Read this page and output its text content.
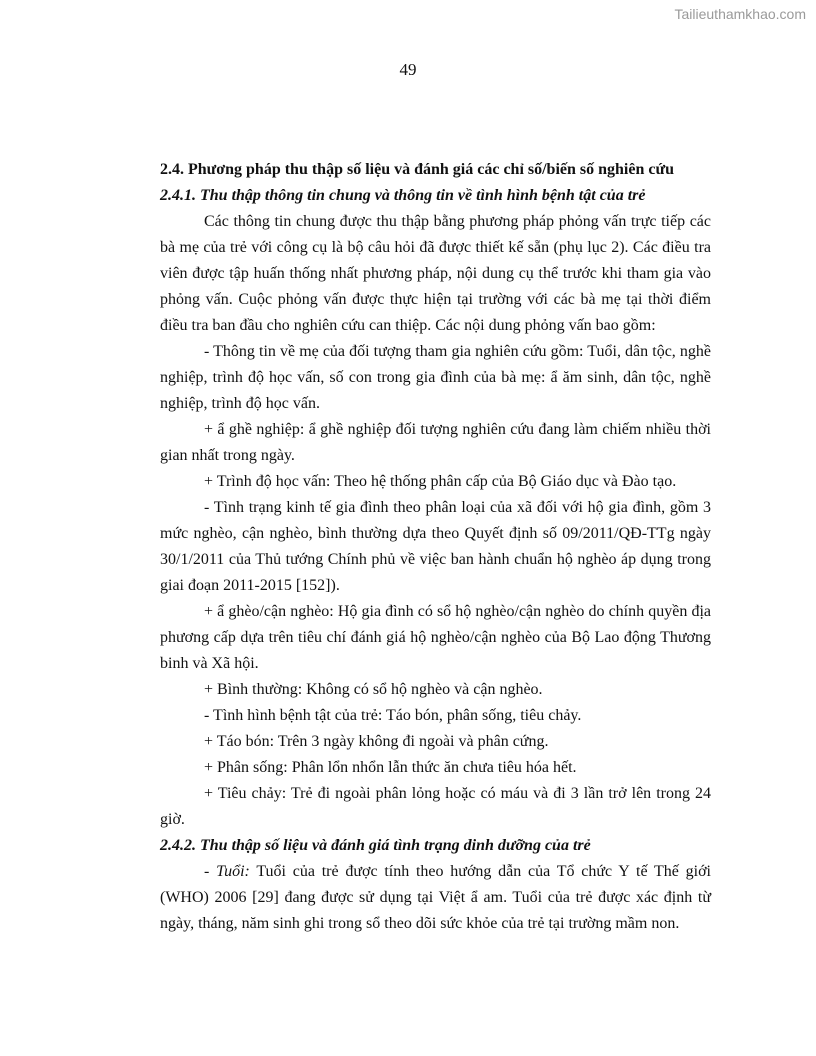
Tailieuthamkhao.com
49

2.4. Phương pháp thu thập số liệu và đánh giá các chỉ số/biến số nghiên cứu

2.4.1. Thu thập thông tin chung và thông tin về tình hình bệnh tật của trẻ

Các thông tin chung được thu thập bằng phương pháp phỏng vấn trực tiếp các bà mẹ của trẻ với công cụ là bộ câu hỏi đã được thiết kế sẵn (phụ lục 2). Các điều tra viên được tập huấn thống nhất phương pháp, nội dung cụ thể trước khi tham gia vào phỏng vấn. Cuộc phỏng vấn được thực hiện tại trường với các bà mẹ tại thời điểm điều tra ban đầu cho nghiên cứu can thiệp. Các nội dung phỏng vấn bao gồm:

- Thông tin về mẹ của đối tượng tham gia nghiên cứu gồm: Tuổi, dân tộc, nghề nghiệp, trình độ học vấn, số con trong gia đình của bà mẹ: ẩ ăm sinh, dân tộc, nghề nghiệp, trình độ học vấn.

+ ẩ ghề nghiệp: ẩ ghề nghiệp đối tượng nghiên cứu đang làm chiếm nhiều thời gian nhất trong ngày.

+ Trình độ học vấn: Theo hệ thống phân cấp của Bộ Giáo dục và Đào tạo.

- Tình trạng kinh tế gia đình theo phân loại của xã đối với hộ gia đình, gồm 3 mức nghèo, cận nghèo, bình thường dựa theo Quyết định số 09/2011/QĐ-TTg ngày 30/1/2011 của Thủ tướng Chính phủ về việc ban hành chuẩn hộ nghèo áp dụng trong giai đoạn 2011-2015 [152]).

+ ẩ ghèo/cận nghèo: Hộ gia đình có sổ hộ nghèo/cận nghèo do chính quyền địa phương cấp dựa trên tiêu chí đánh giá hộ nghèo/cận nghèo của Bộ Lao động Thương binh và Xã hội.

+ Bình thường: Không có sổ hộ nghèo và cận nghèo.

- Tình hình bệnh tật của trẻ: Táo bón, phân sống, tiêu chảy.

+ Táo bón: Trên 3 ngày không đi ngoài và phân cứng.

+ Phân sống: Phân lổn nhổn lẫn thức ăn chưa tiêu hóa hết.

+ Tiêu chảy: Trẻ đi ngoài phân lỏng hoặc có máu và đi 3 lần trở lên trong 24 giờ.

2.4.2. Thu thập số liệu và đánh giá tình trạng dinh dưỡng của trẻ

- Tuổi: Tuổi của trẻ được tính theo hướng dẫn của Tổ chức Y tế Thế giới (WHO) 2006 [29] đang được sử dụng tại Việt ẩ am. Tuổi của trẻ được xác định từ ngày, tháng, năm sinh ghi trong sổ theo dõi sức khỏe của trẻ tại trường mầm non.
